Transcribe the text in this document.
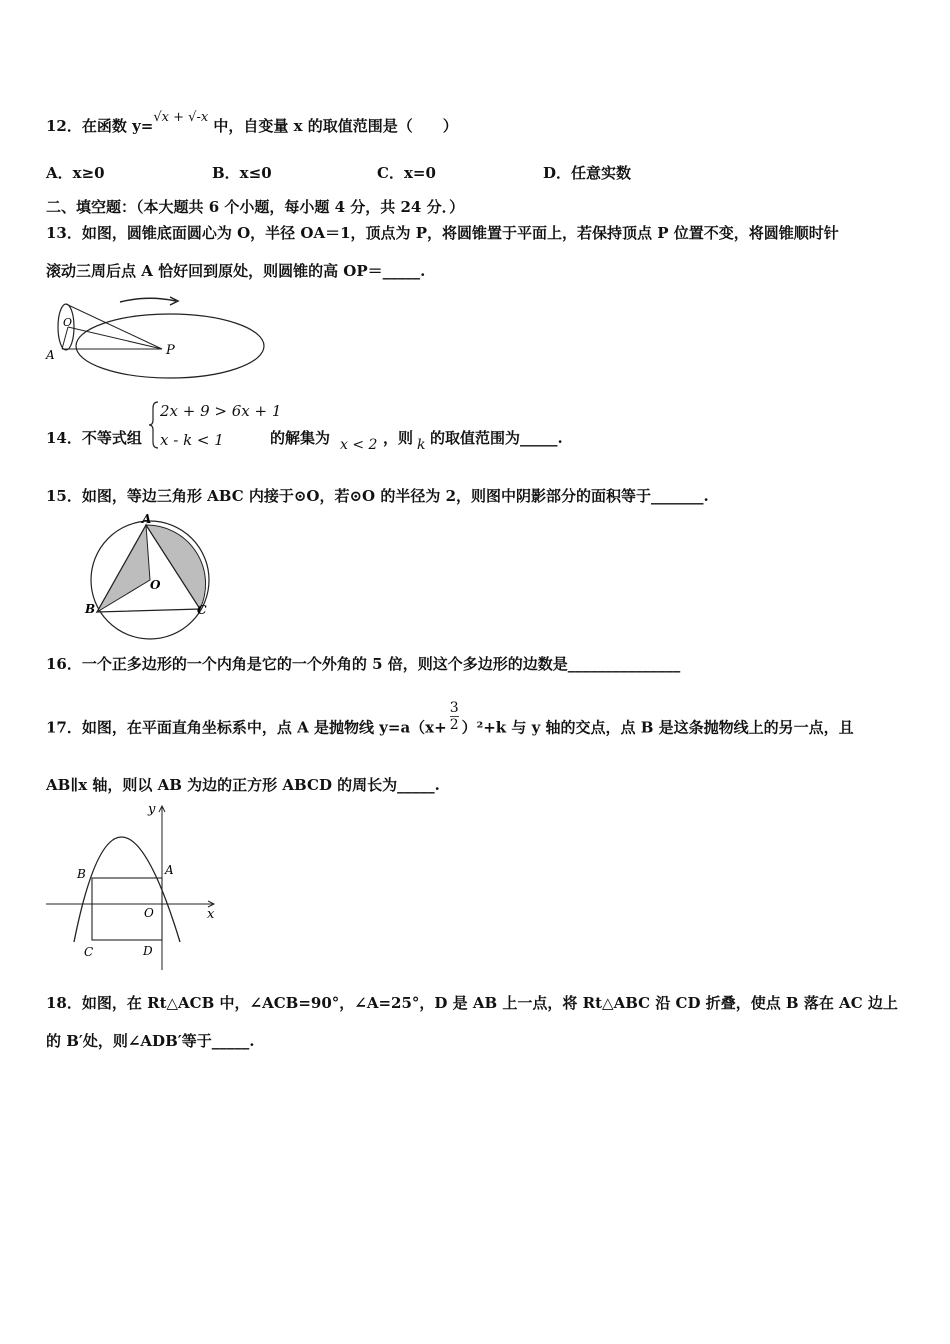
12．在函数 y=√x + √-x 中，自变量 x 的取值范围是（　　）
A．x≥0	B．x≤0	C．x=0	D．任意实数
二、填空题：（本大题共 6 个小题，每小题 4 分，共 24 分．）
13．如图，圆锥底面圆心为 O，半径 OA＝1，顶点为 P，将圆锥置于平面上，若保持顶点 P 位置不变，将圆锥顺时针
滚动三周后点 A 恰好回到原处，则圆锥的高 OP＝_____.
O
A	P
14．不等式组
2x + 9 > 6x + 1
x - k < 1	的解集为 x < 2 ，则 k 的取值范围为_____.
15．如图，等边三角形 ABC 内接于⊙O，若⊙O 的半径为 2，则图中阴影部分的面积等于_______.
A
B	C
O
16．一个正多边形的一个内角是它的一个外角的 5 倍，则这个多边形的边数是_______________
17．如图，在平面直角坐标系中，点 A 是抛物线 $y=a(x+ \frac{3}{2} )^2+k$ 与 y 轴的交点，点 B 是这条抛物线上的另一点，且
AB∥x 轴，则以 AB 为边的正方形 ABCD 的周长为_____.
y
x
O
A
B
C	D
18．如图，在 Rt△ACB 中，∠ACB=90°，∠A=25°，D 是 AB 上一点，将 Rt△ABC 沿 CD 折叠，使点 B 落在 AC 边上
的 B′处，则∠ADB′等于_____.
